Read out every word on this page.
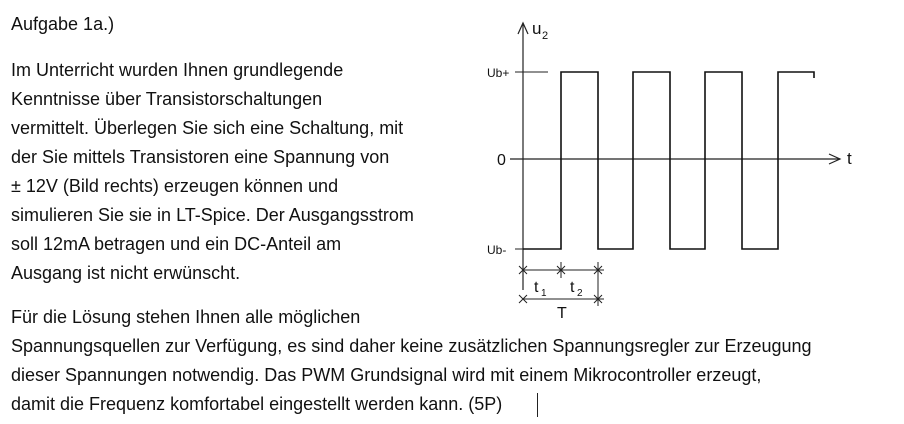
Aufgabe 1a.)
Im Unterricht wurden Ihnen grundlegende
Kenntnisse über Transistorschaltungen
vermittelt. Überlegen Sie sich eine Schaltung, mit
der Sie mittels Transistoren eine Spannung von
± 12V (Bild rechts) erzeugen können und
simulieren Sie sie in LT-Spice. Der Ausgangsstrom
soll 12mA betragen und ein DC-Anteil am
Ausgang ist nicht erwünscht.
Für die Lösung stehen Ihnen alle möglichen
Spannungsquellen zur Verfügung, es sind daher keine zusätzlichen Spannungsregler zur Erzeugung
dieser Spannungen notwendig. Das PWM Grundsignal wird mit einem Mikrocontroller erzeugt,
damit die Frequenz komfortabel eingestellt werden kann. (5P)
u 2
t
Ub+
0
Ub-
t 1 t 2
T
